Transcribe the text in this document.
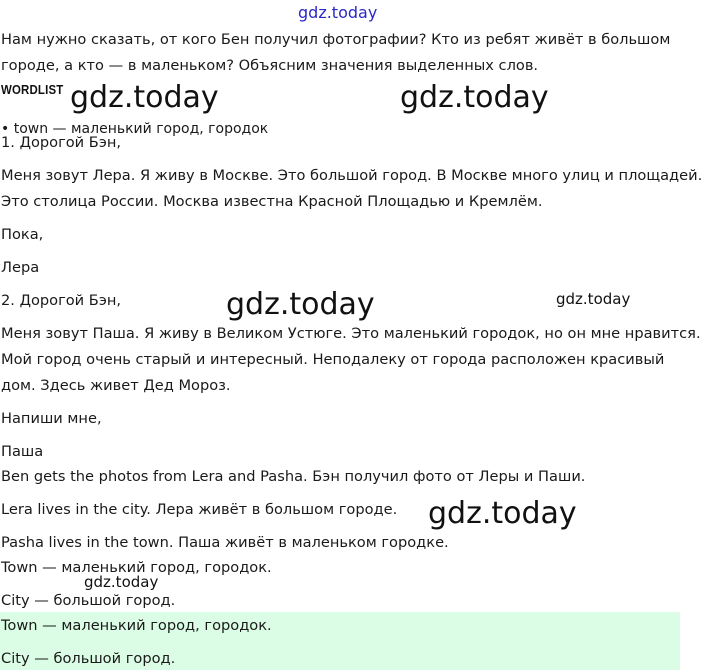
gdz.today
gdz.today	gdz.today
gdz.today	gdz.today
gdz.today
gdz.today

Нам нужно сказать, от кого Бен получил фотографии? Кто из ребят живёт в большом

городе, а кто — в маленьком? Объясним значения выделенных слов.

WORDLIST

• town — маленький город, городок

1. Дорогой Бэн,

Меня зовут Лера. Я живу в Москве. Это большой город. В Москве много улиц и площадей.

Это столица России. Москва известна Красной Площадью и Кремлём.

Пока,

Лера

2. Дорогой Бэн,

Меня зовут Паша. Я живу в Великом Устюге. Это маленький городок, но он мне нравится.

Мой город очень старый и интересный. Неподалеку от города расположен красивый

дом. Здесь живет Дед Мороз.

Напиши мне,

Паша

Ben gets the photos from Lera and Pasha. Бэн получил фото от Леры и Паши.

Lera lives in the city. Лера живёт в большом городе.

Pasha lives in the town. Паша живёт в маленьком городке.

Town — маленький город, городок.

City — большой город.

Town — маленький город, городок.

City — большой город.
